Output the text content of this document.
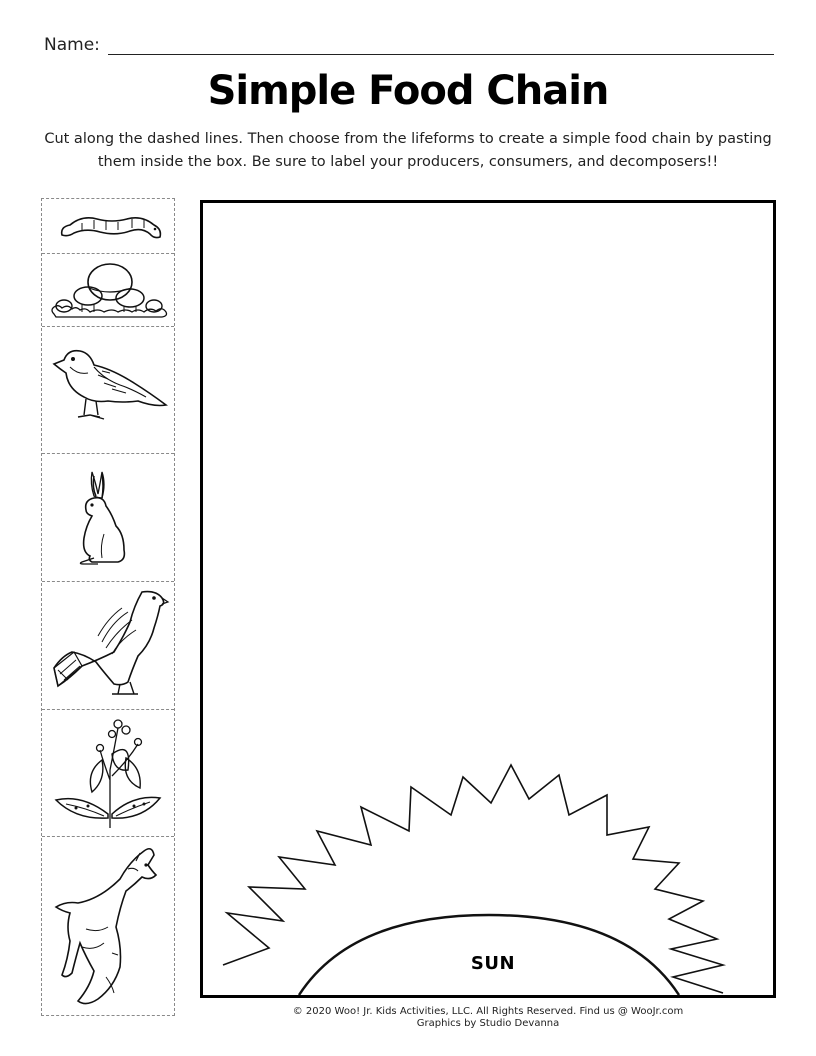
Name:
Simple Food Chain
Cut along the dashed lines. Then choose from the lifeforms to create a simple food chain by pasting them inside the box. Be sure to label your producers, consumers, and decomposers!!
SUN
© 2020 Woo! Jr. Kids Activities, LLC. All Rights Reserved. Find us @ WooJr.com
Graphics by Studio Devanna
